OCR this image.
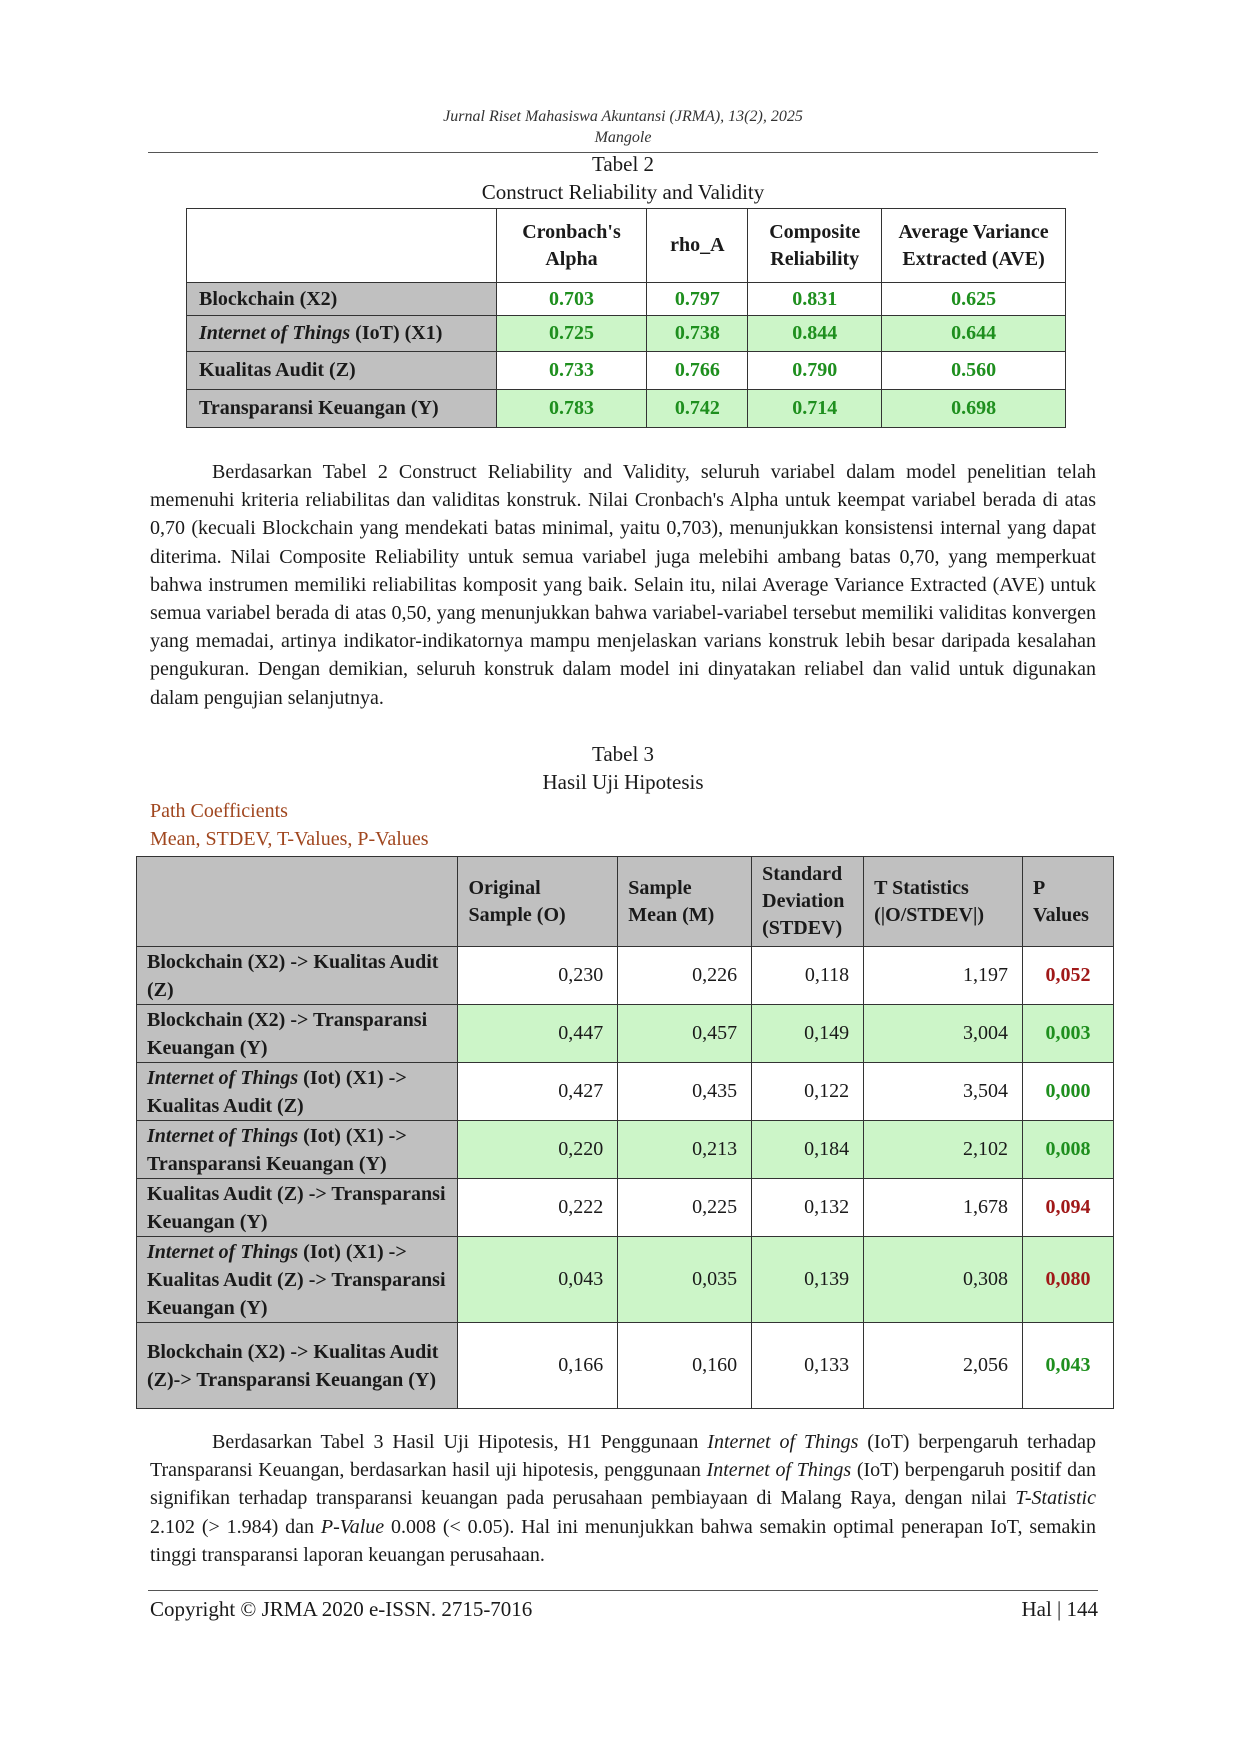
Jurnal Riset Mahasiswa Akuntansi (JRMA), 13(2), 2025
Mangole
Tabel 2
Construct Reliability and Validity
	Cronbach's Alpha	rho_A	Composite Reliability	Average Variance Extracted (AVE)
Blockchain (X2)	0.703	0.797	0.831	0.625
Internet of Things (IoT) (X1)	0.725	0.738	0.844	0.644
Kualitas Audit (Z)	0.733	0.766	0.790	0.560
Transparansi Keuangan (Y)	0.783	0.742	0.714	0.698
Berdasarkan Tabel 2 Construct Reliability and Validity, seluruh variabel dalam model penelitian telah memenuhi kriteria reliabilitas dan validitas konstruk. Nilai Cronbach's Alpha untuk keempat variabel berada di atas 0,70 (kecuali Blockchain yang mendekati batas minimal, yaitu 0,703), menunjukkan konsistensi internal yang dapat diterima. Nilai Composite Reliability untuk semua variabel juga melebihi ambang batas 0,70, yang memperkuat bahwa instrumen memiliki reliabilitas komposit yang baik. Selain itu, nilai Average Variance Extracted (AVE) untuk semua variabel berada di atas 0,50, yang menunjukkan bahwa variabel-variabel tersebut memiliki validitas konvergen yang memadai, artinya indikator-indikatornya mampu menjelaskan varians konstruk lebih besar daripada kesalahan pengukuran. Dengan demikian, seluruh konstruk dalam model ini dinyatakan reliabel dan valid untuk digunakan dalam pengujian selanjutnya.
Tabel 3
Hasil Uji Hipotesis
Path Coefficients
Mean, STDEV, T-Values, P-Values
	Original Sample (O)	Sample Mean (M)	Standard Deviation (STDEV)	T Statistics (|O/STDEV|)	P Values
Blockchain (X2) -> Kualitas Audit (Z)	0,230	0,226	0,118	1,197	0,052
Blockchain (X2) -> Transparansi Keuangan (Y)	0,447	0,457	0,149	3,004	0,003
Internet of Things (Iot) (X1) -> Kualitas Audit (Z)	0,427	0,435	0,122	3,504	0,000
Internet of Things (Iot) (X1) -> Transparansi Keuangan (Y)	0,220	0,213	0,184	2,102	0,008
Kualitas Audit (Z) -> Transparansi Keuangan (Y)	0,222	0,225	0,132	1,678	0,094
Internet of Things (Iot) (X1) -> Kualitas Audit (Z) -> Transparansi Keuangan (Y)	0,043	0,035	0,139	0,308	0,080
Blockchain (X2) -> Kualitas Audit (Z)-> Transparansi Keuangan (Y)	0,166	0,160	0,133	2,056	0,043
Berdasarkan Tabel 3 Hasil Uji Hipotesis, H1 Penggunaan Internet of Things (IoT) berpengaruh terhadap Transparansi Keuangan, berdasarkan hasil uji hipotesis, penggunaan Internet of Things (IoT) berpengaruh positif dan signifikan terhadap transparansi keuangan pada perusahaan pembiayaan di Malang Raya, dengan nilai T-Statistic 2.102 (> 1.984) dan P-Value 0.008 (< 0.05). Hal ini menunjukkan bahwa semakin optimal penerapan IoT, semakin tinggi transparansi laporan keuangan perusahaan.
Copyright © JRMA 2020 e-ISSN. 2715-7016	Hal | 144
